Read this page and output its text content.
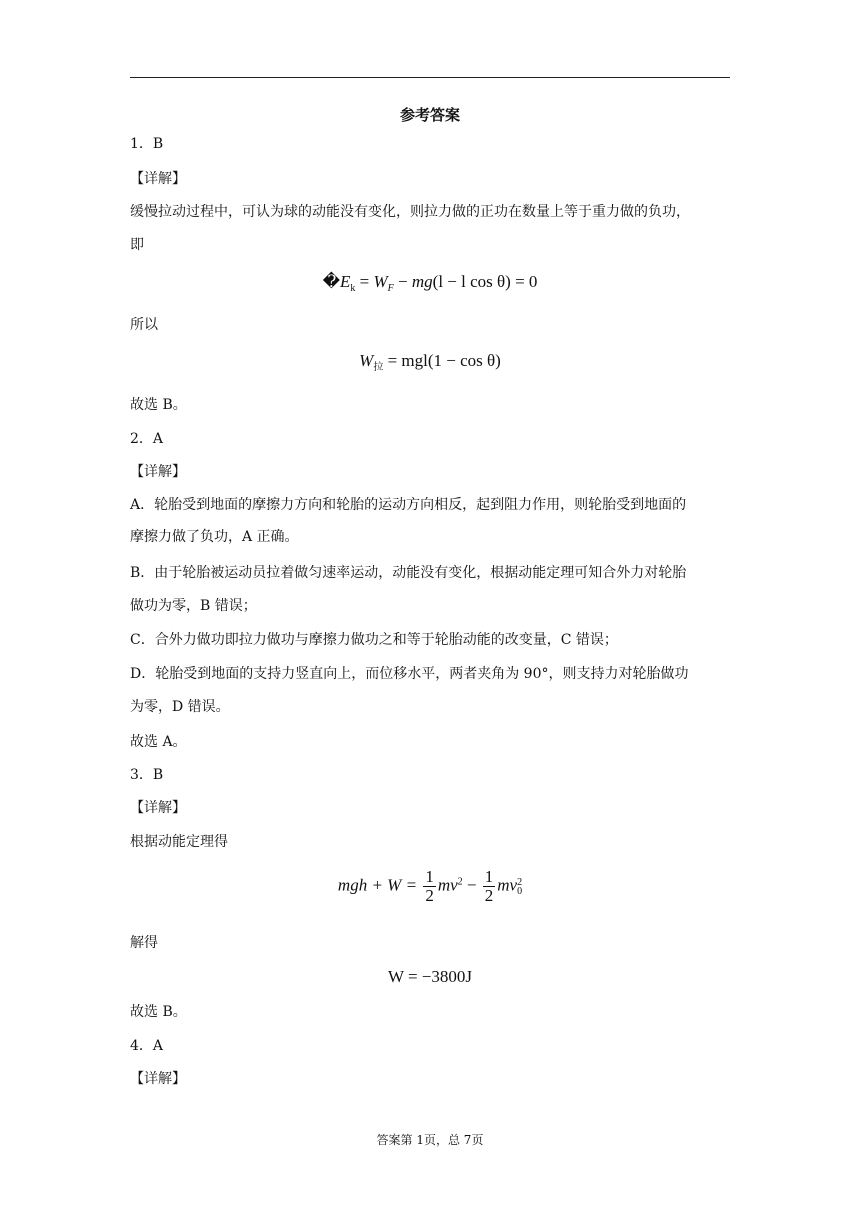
参考答案
1．B
【详解】
缓慢拉动过程中，可认为球的动能没有变化，则拉力做的正功在数量上等于重力做的负功，
即
$�E_k = W_F - mg(l - l$ cos θ) = 0
所以
$W_拉 = mgl(1 - \cos \theta)$
故选 B。
2．A
【详解】
A．轮胎受到地面的摩擦力方向和轮胎的运动方向相反，起到阻力作用，则轮胎受到地面的
摩擦力做了负功，A 正确。
B．由于轮胎被运动员拉着做匀速率运动，动能没有变化，根据动能定理可知合外力对轮胎
做功为零，B 错误；
C．合外力做功即拉力做功与摩擦力做功之和等于轮胎动能的改变量，C 错误；
D．轮胎受到地面的支持力竖直向上，而位移水平，两者夹角为 90°，则支持力对轮胎做功
为零，D 错误。
故选 A。
3．B
【详解】
根据动能定理得
mgh + $W = \frac{1}{2} mv^2 - \frac{1}{2}$ mv 2
0
解得
W = −3800J
故选 B。
4．A
【详解】
答案第 1页，总 7页
